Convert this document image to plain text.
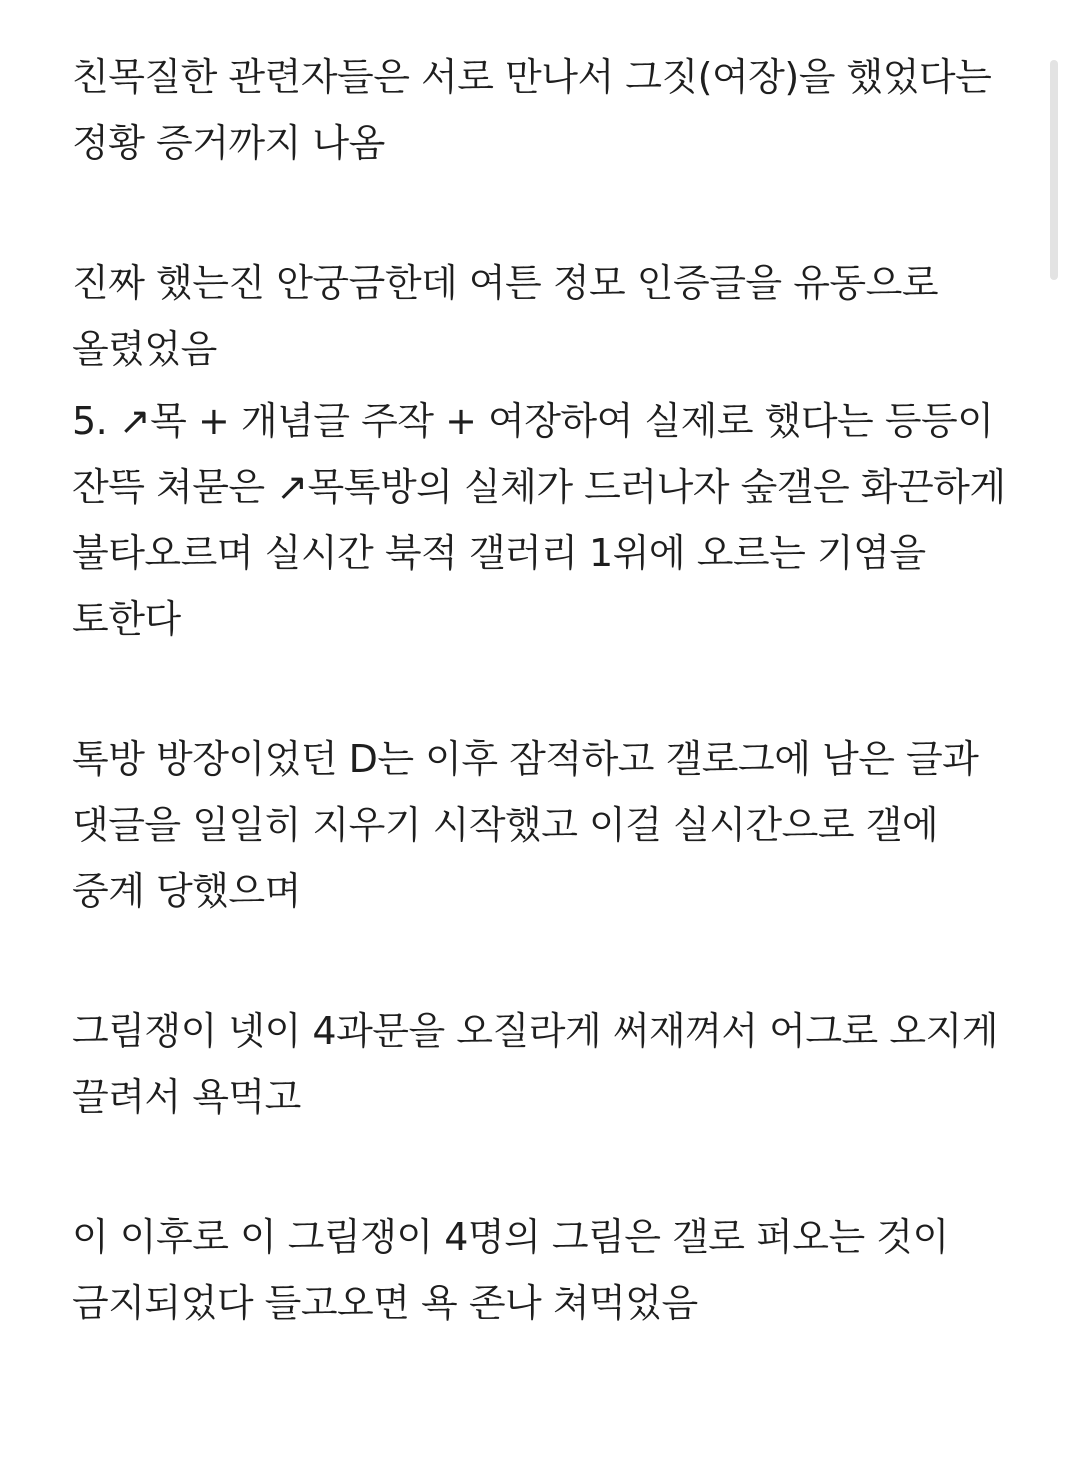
친목질한 관련자들은 서로 만나서 그짓(여장)을 했었다는 정황 증거까지 나옴

진짜 했는진 안궁금한데 여튼 정모 인증글을 유동으로 올렸었음

5. ↗목 + 개념글 주작 + 여장하여 실제로 했다는 등등이 잔뜩 쳐묻은 ↗목톡방의 실체가 드러나자 숲갤은 화끈하게 불타오르며 실시간 북적 갤러리 1위에 오르는 기염을 토한다

톡방 방장이었던 D는 이후 잠적하고 갤로그에 남은 글과 댓글을 일일히 지우기 시작했고 이걸 실시간으로 갤에 중계 당했으며

그림쟁이 넷이 4과문을 오질라게 써재껴서 어그로 오지게 끌려서 욕먹고

이 이후로 이 그림쟁이 4명의 그림은 갤로 퍼오는 것이 금지되었다 들고오면 욕 존나 쳐먹었음
